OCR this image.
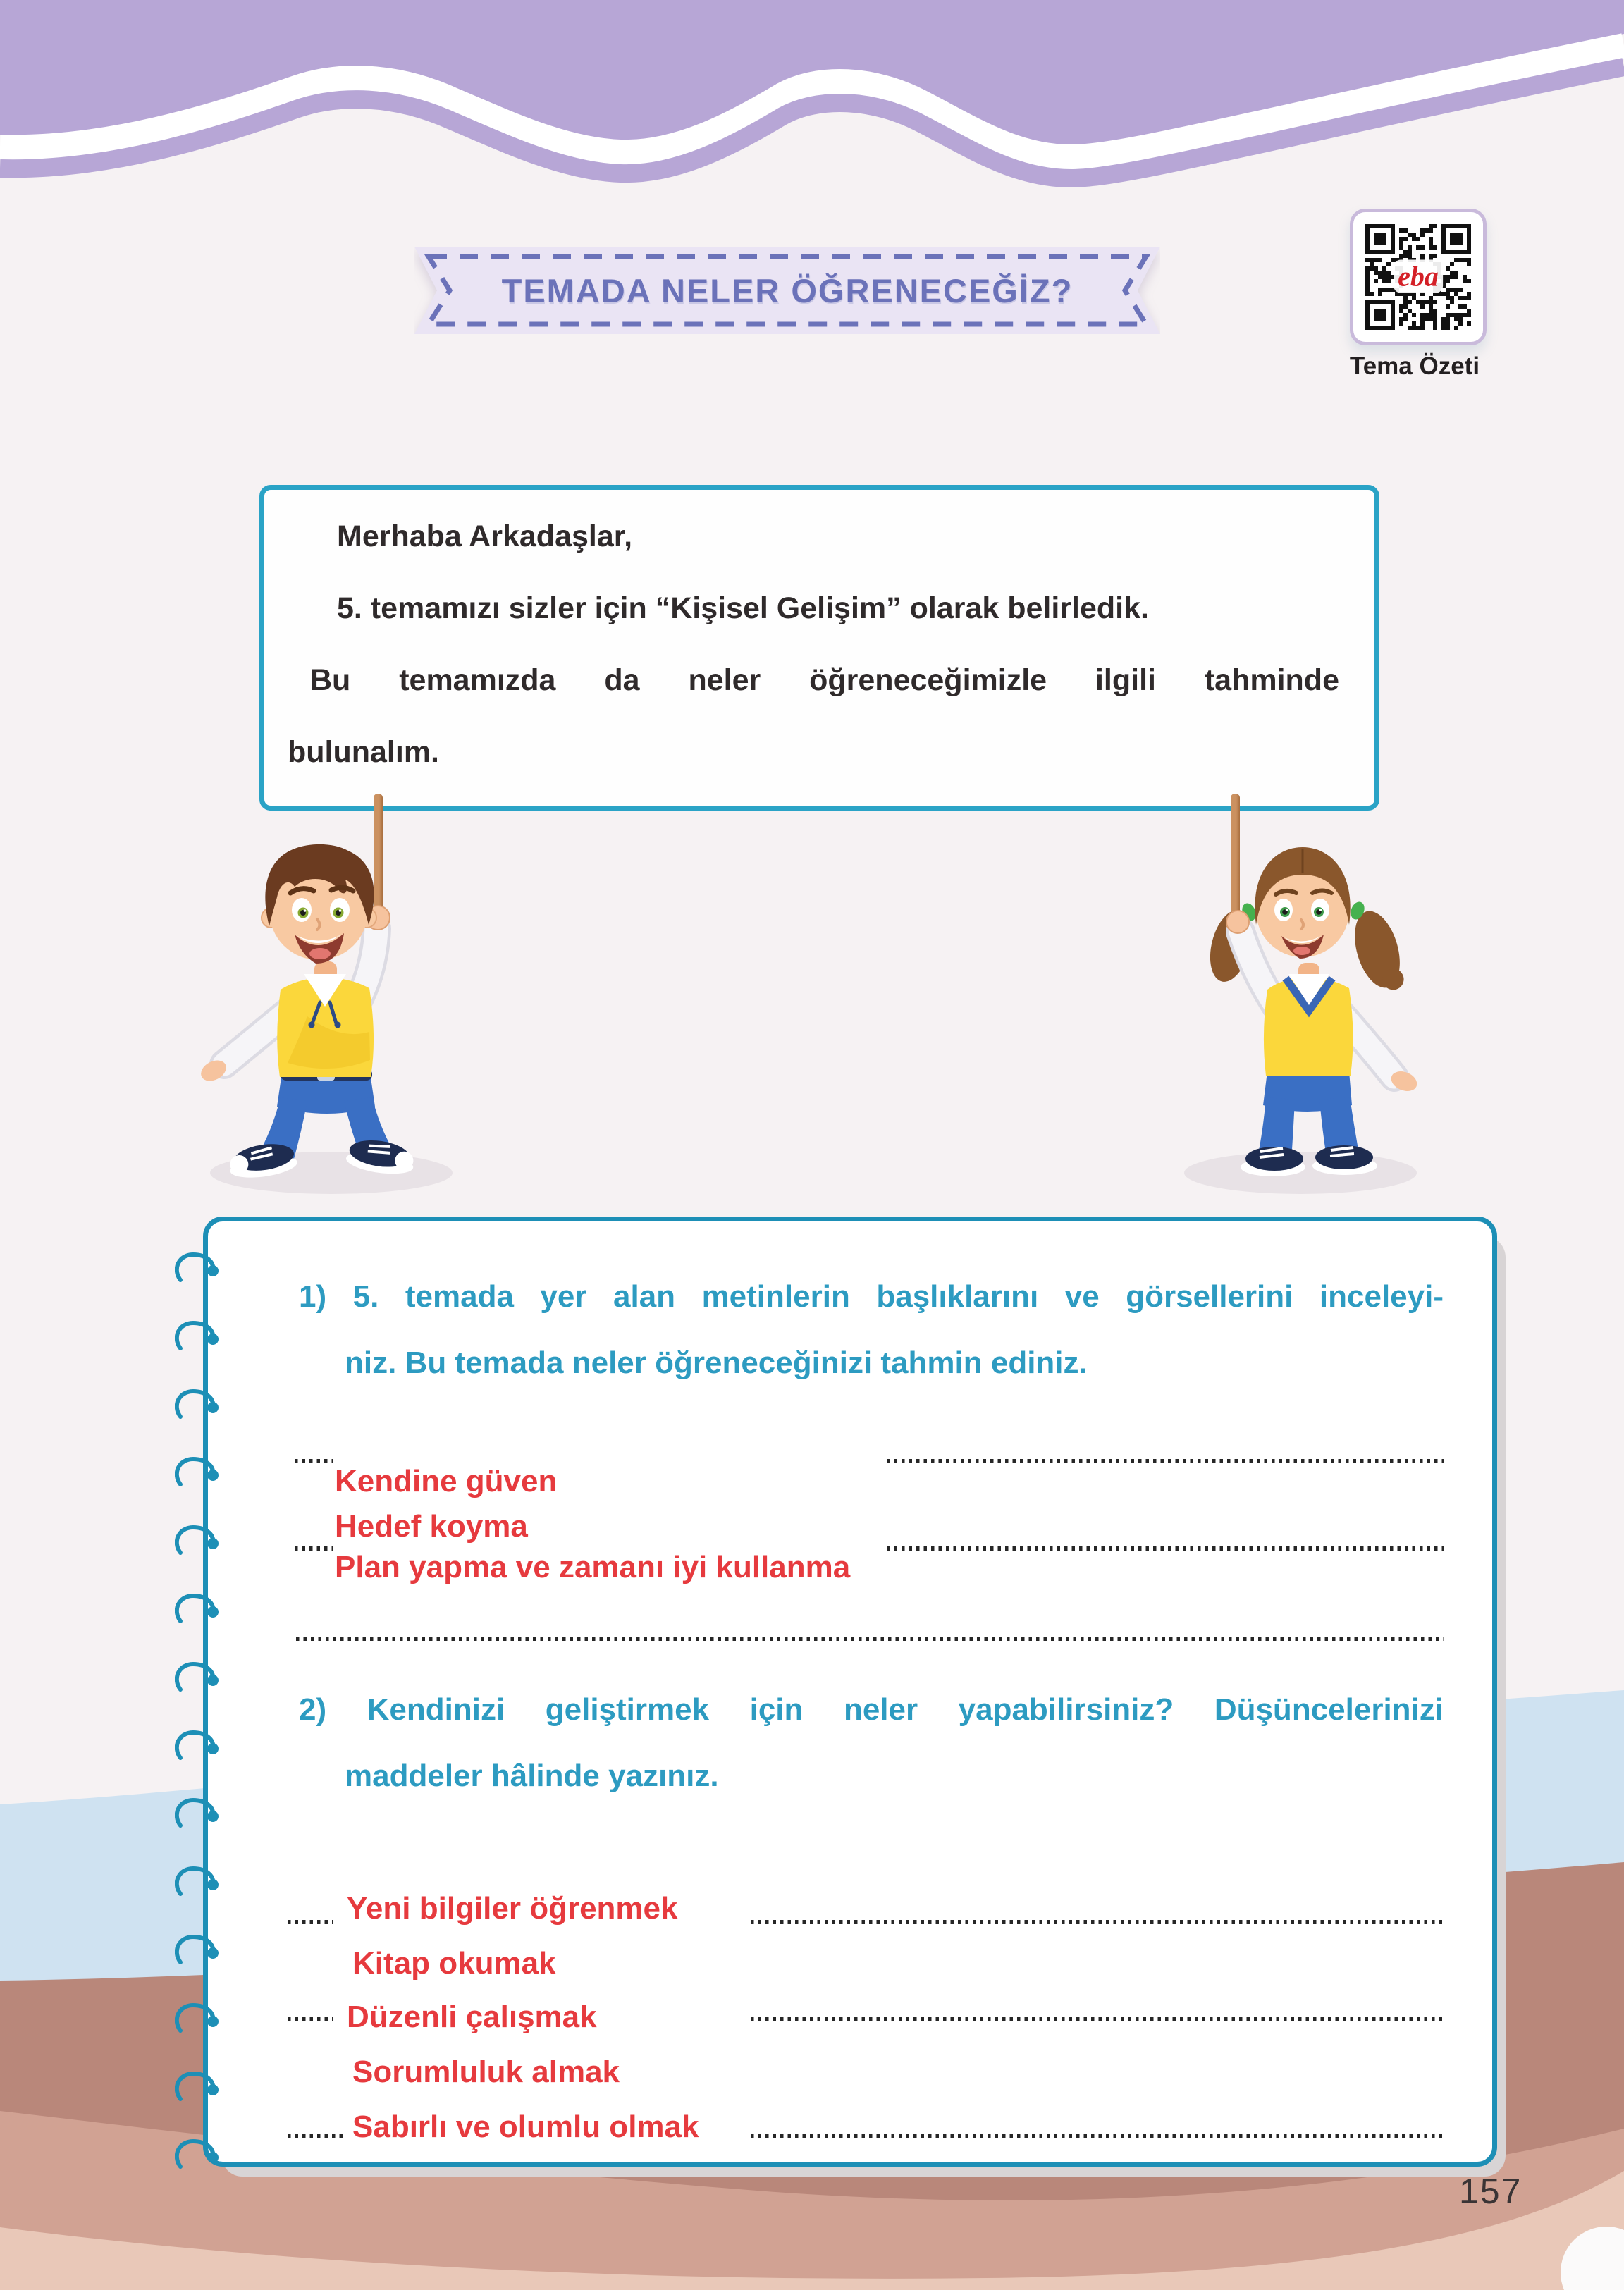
TEMADA NELER ÖĞRENECEĞİZ?	eba
Tema Özeti
Merhaba Arkadaşlar,
5. temamızı sizler için “Kişisel Gelişim” olarak belirledik.
Bu temamızda da neler öğreneceğimizle ilgili tahminde
bulunalım.
1) 5. temada yer alan metinlerin başlıklarını ve görsellerini inceleyi-
niz. Bu temada neler öğreneceğinizi tahmin ediniz.
Kendine güven
Hedef koyma
Plan yapma ve zamanı iyi kullanma
2) Kendinizi geliştirmek için neler yapabilirsiniz? Düşüncelerinizi
maddeler hâlinde yazınız.
Yeni bilgiler öğrenmek
Kitap okumak
Düzenli çalışmak
Sorumluluk almak
Sabırlı ve olumlu olmak
157
